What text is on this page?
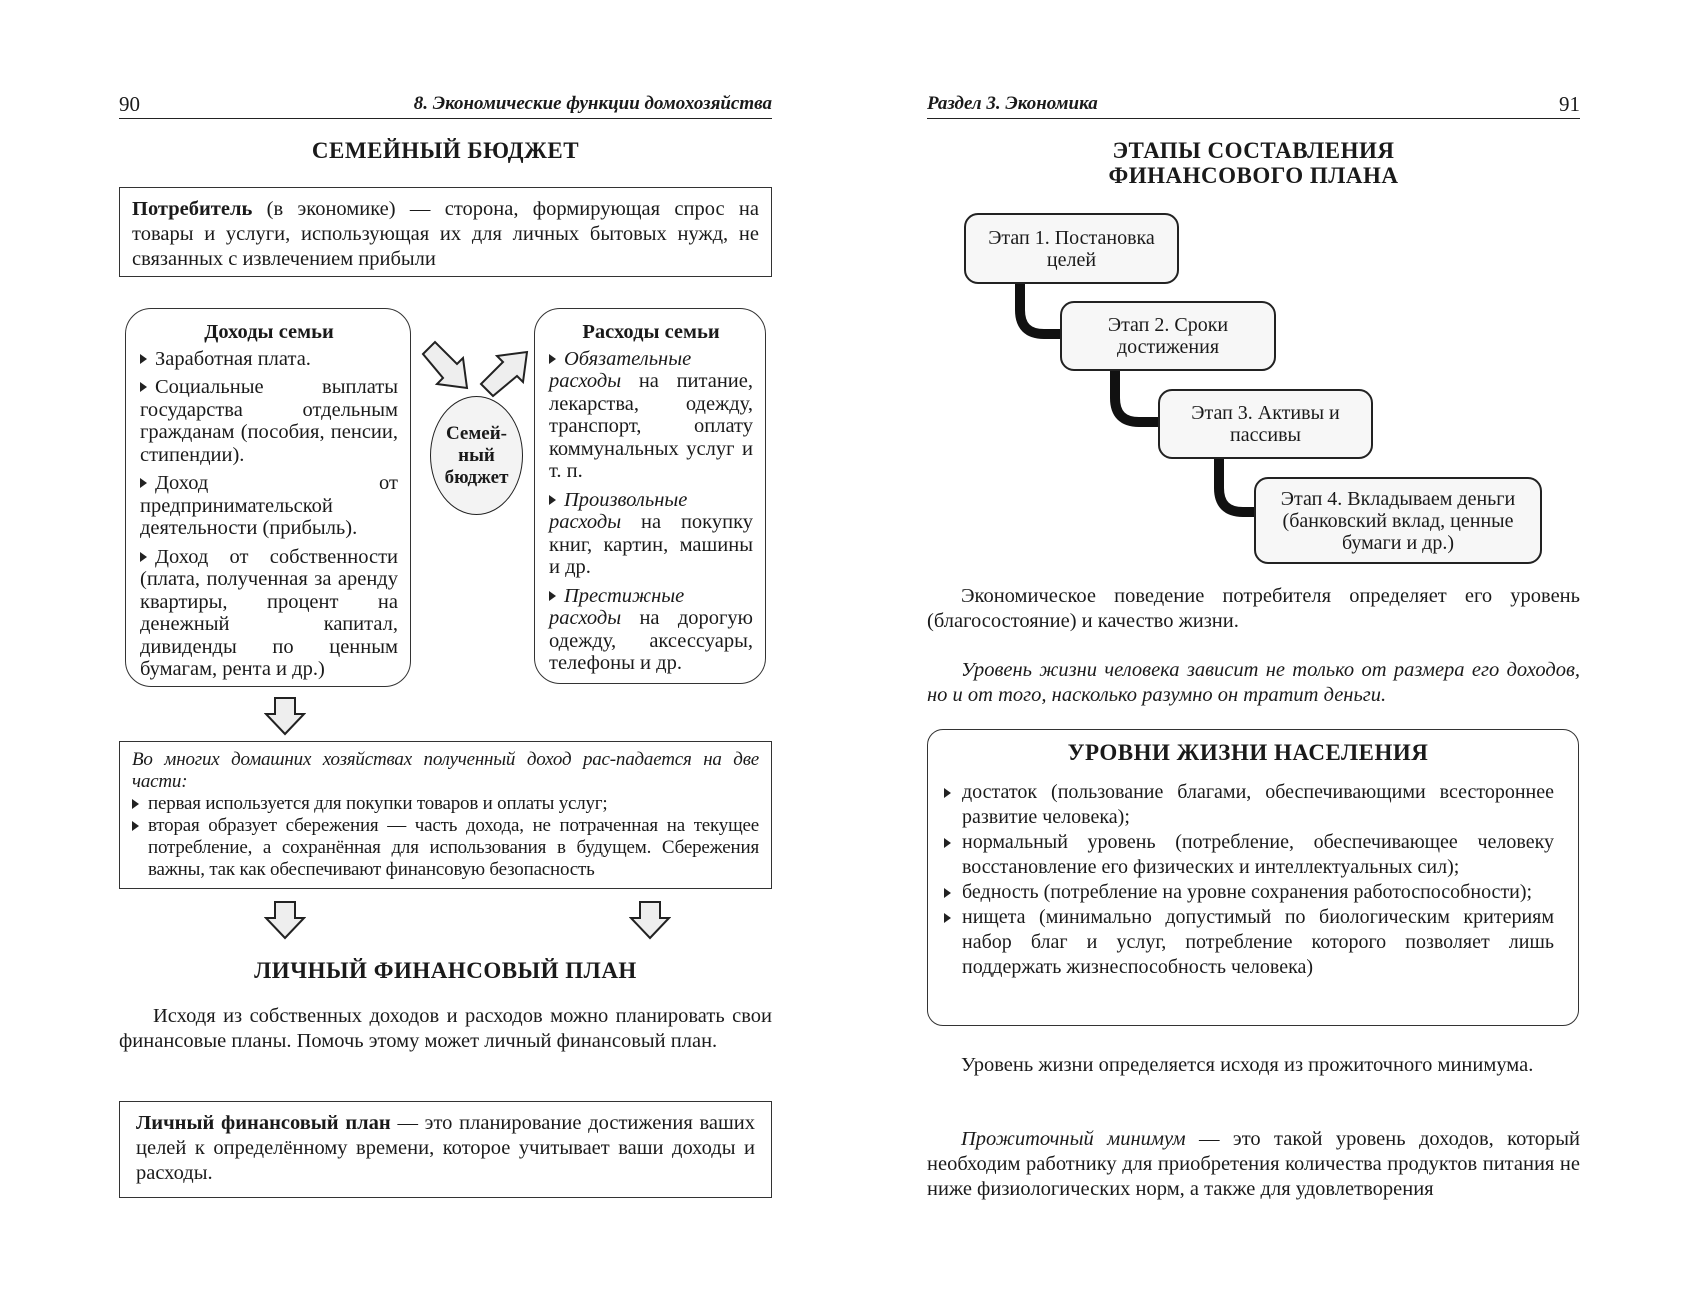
90	8. Экономические функции домохозяйства
СЕМЕЙНЫЙ БЮДЖЕТ
Потребитель (в экономике) — сторона, формирующая спрос на товары и услуги, использующая их для личных бытовых нужд, не связанных с извлечением прибыли
Доходы семьи
Заработная плата.
Социальные выплаты государства отдельным гражданам (пособия, пенсии, стипендии).
Доход от предпринимательской деятельности (прибыль).
Доход от собственности (плата, полученная за аренду квартиры, процент на денежный капитал, дивиденды по ценным бумагам, рента и др.)
Семей-ный бюджет
Расходы семьи
Обязательные расходы на питание, лекарства, одежду, транспорт, оплату коммунальных услуг и т. п.
Произвольные расходы на покупку книг, картин, машины и др.
Престижные расходы на дорогую одежду, аксессуары, телефоны и др.
Во многих домашних хозяйствах полученный доход рас-падается на две части:
первая используется для покупки товаров и оплаты услуг;
вторая образует сбережения — часть дохода, не потраченная на текущее потребление, а сохранённая для использования в будущем. Сбережения важны, так как обеспечивают финансовую безопасность
ЛИЧНЫЙ ФИНАНСОВЫЙ ПЛАН
Исходя из собственных доходов и расходов можно планировать свои финансовые планы. Помочь этому может личный финансовый план.
Личный финансовый план — это планирование достижения ваших целей к определённому времени, которое учитывает ваши доходы и расходы.
Раздел 3. Экономика	91
ЭТАПЫ СОСТАВЛЕНИЯ
ФИНАНСОВОГО ПЛАНА
Этап 1. Постановка целей
Этап 2. Сроки достижения
Этап 3. Активы и пассивы
Этап 4. Вкладываем деньги (банковский вклад, ценные бумаги и др.)
Экономическое поведение потребителя определяет его уровень (благосостояние) и качество жизни.
Уровень жизни человека зависит не только от размера его доходов, но и от того, насколько разумно он тратит деньги.
УРОВНИ ЖИЗНИ НАСЕЛЕНИЯ
достаток (пользование благами, обеспечивающими всестороннее развитие человека);
нормальный уровень (потребление, обеспечивающее человеку восстановление его физических и интеллектуальных сил);
бедность (потребление на уровне сохранения работоспособности);
нищета (минимально допустимый по биологическим критериям набор благ и услуг, потребление которого позволяет лишь поддержать жизнеспособность человека)
Уровень жизни определяется исходя из прожиточного минимума.
Прожиточный минимум — это такой уровень доходов, который необходим работнику для приобретения количества продуктов питания не ниже физиологических норм, а также для удовлетворения
